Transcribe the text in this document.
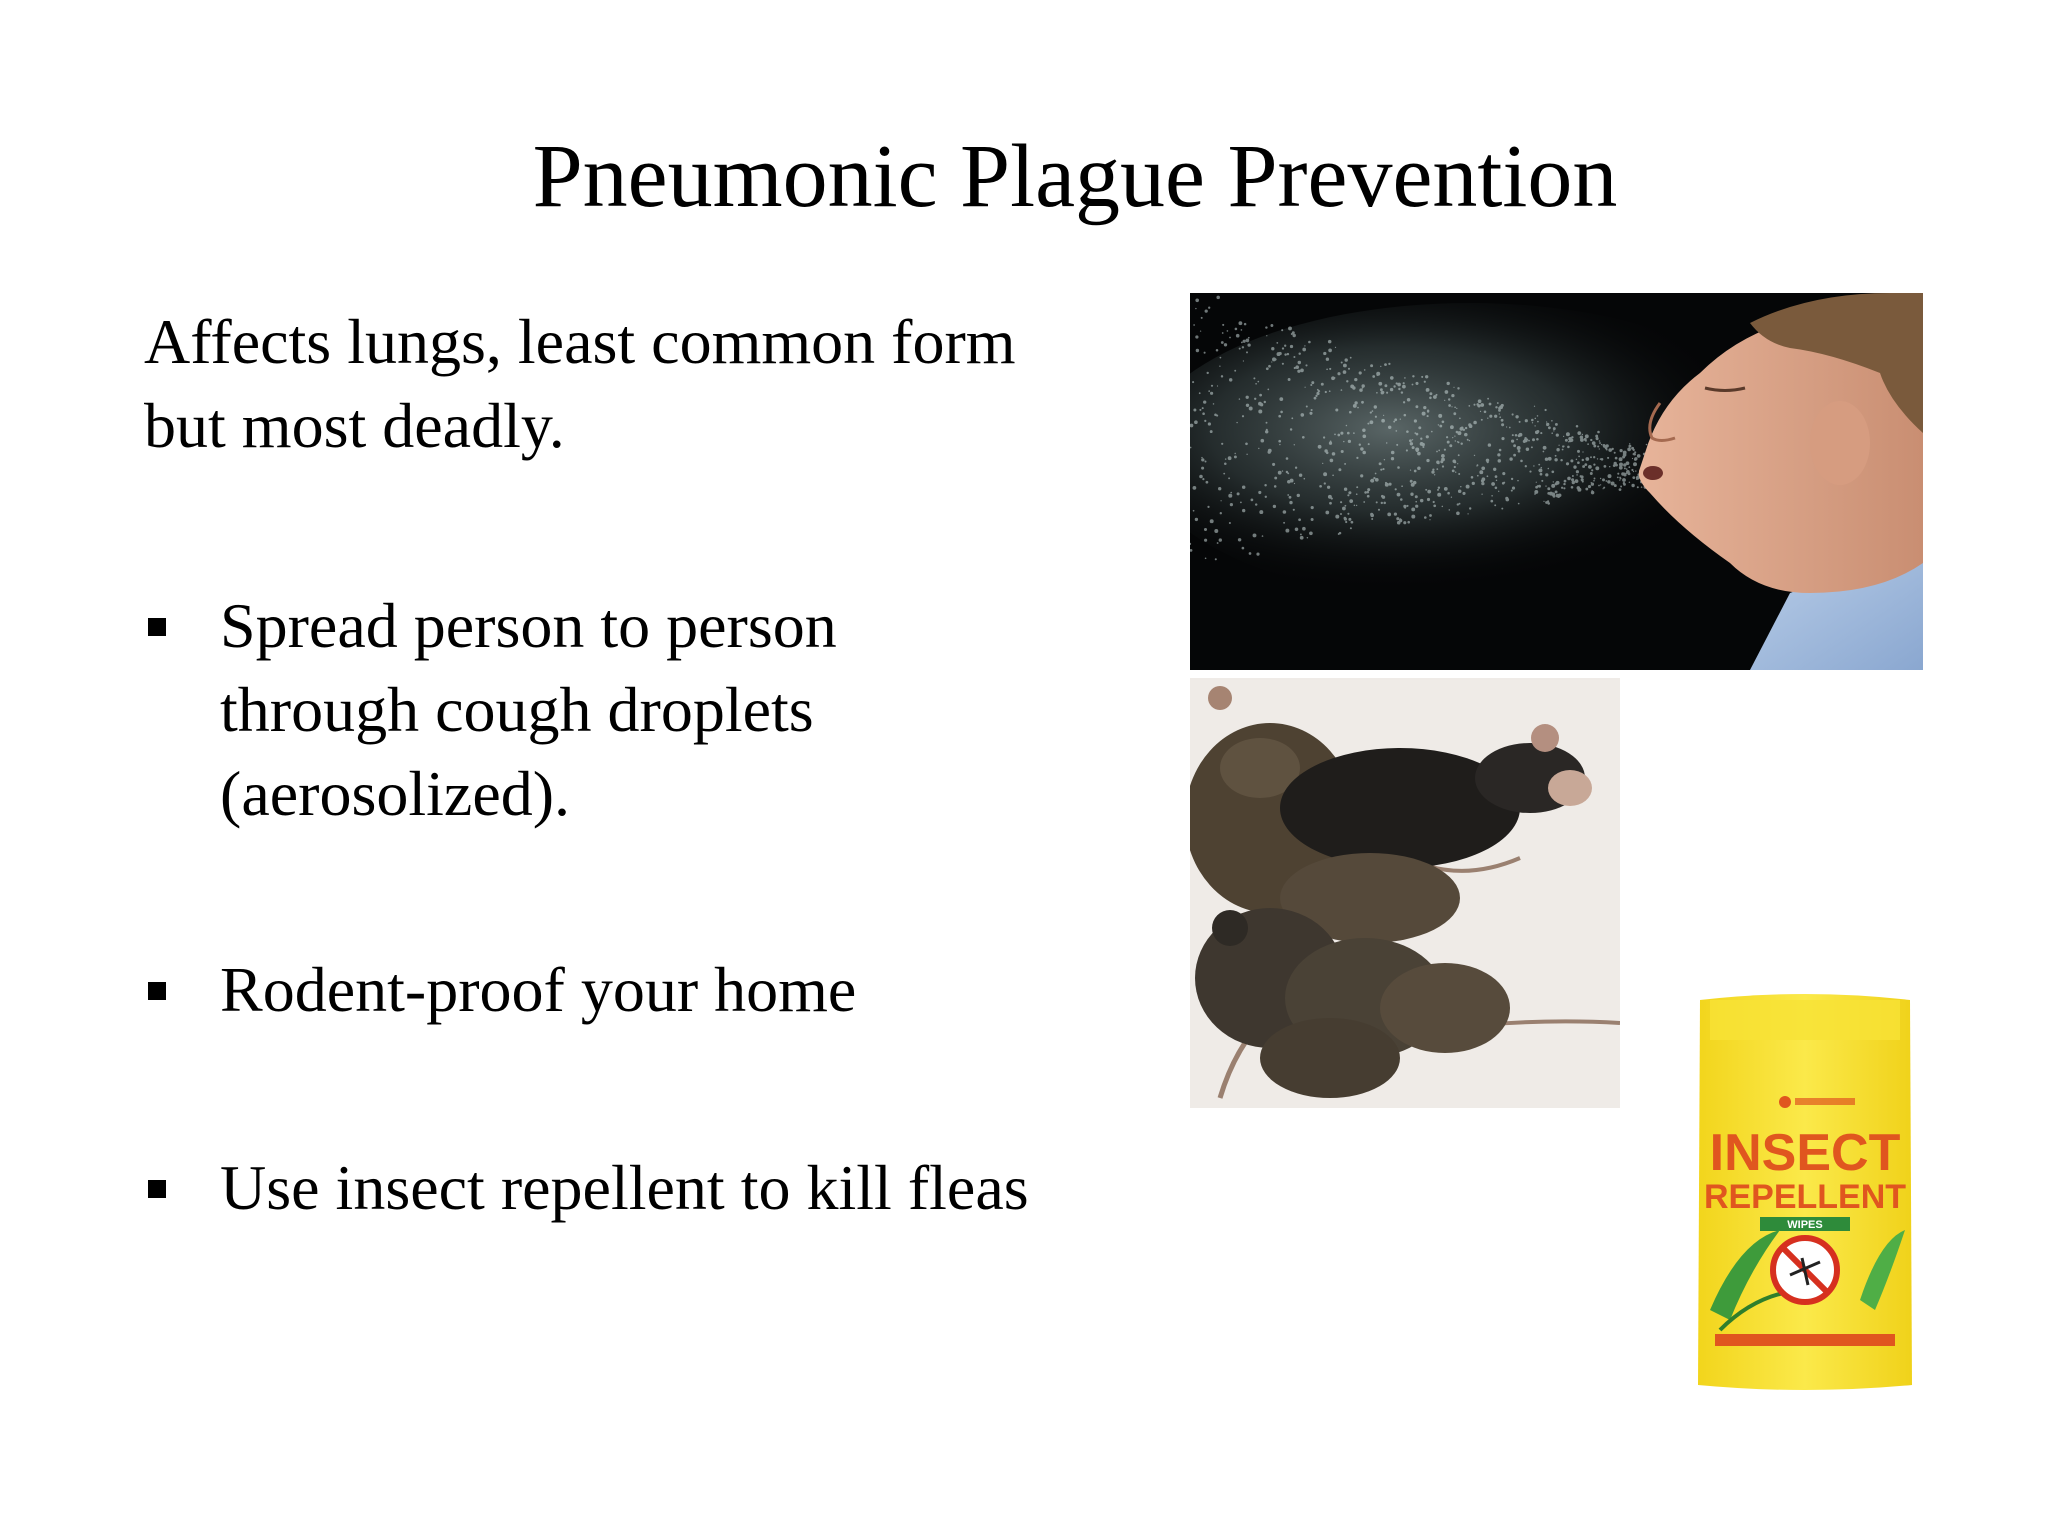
Pneumonic Plague Prevention
Affects lungs, least common form but most deadly.
Spread person to person through cough droplets (aerosolized).
Rodent-proof your home
Use insect repellent to kill fleas	INSECT
REPELLENT
WIPES
